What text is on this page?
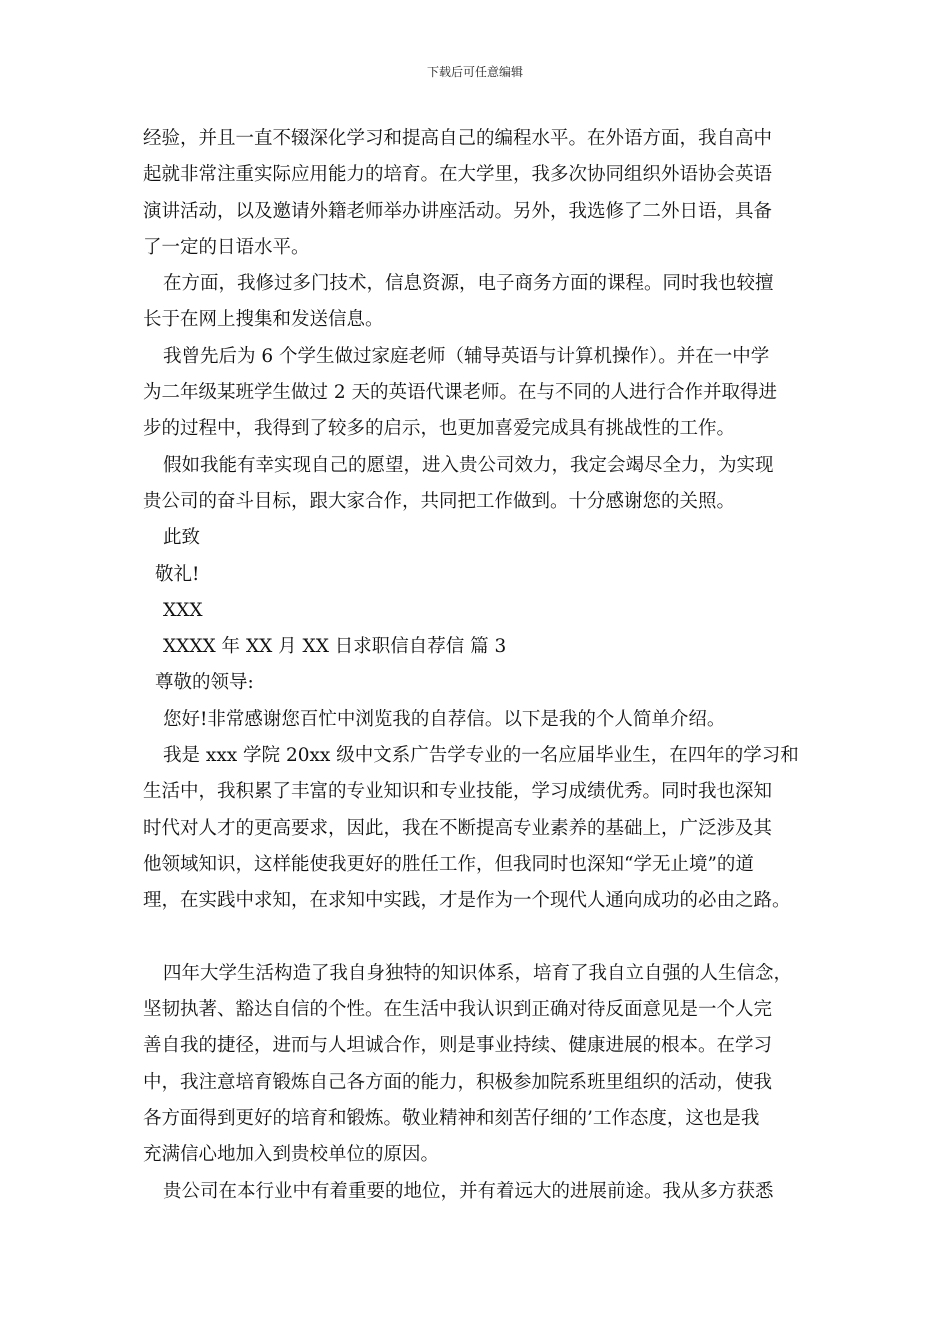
下载后可任意编辑
经验，并且一直不辍深化学习和提高自己的编程水平。在外语方面，我自高中
起就非常注重实际应用能力的培育。在大学里，我多次协同组织外语协会英语
演讲活动，以及邀请外籍老师举办讲座活动。另外，我选修了二外日语，具备
了一定的日语水平。
在方面，我修过多门技术，信息资源，电子商务方面的课程。同时我也较擅
长于在网上搜集和发送信息。
我曾先后为 6 个学生做过家庭老师（辅导英语与计算机操作）。并在一中学
为二年级某班学生做过 2 天的英语代课老师。在与不同的人进行合作并取得进
步的过程中，我得到了较多的启示，也更加喜爱完成具有挑战性的工作。
假如我能有幸实现自己的愿望，进入贵公司效力，我定会竭尽全力，为实现
贵公司的奋斗目标，跟大家合作，共同把工作做到。十分感谢您的关照。
此致
敬礼!
XXX
XXXX 年 XX 月 XX 日求职信自荐信 篇 3
尊敬的领导:
您好!非常感谢您百忙中浏览我的自荐信。以下是我的个人简单介绍。
我是 xxx 学院 20xx 级中文系广告学专业的一名应届毕业生，在四年的学习和
生活中，我积累了丰富的专业知识和专业技能，学习成绩优秀。同时我也深知
时代对人才的更高要求，因此，我在不断提高专业素养的基础上，广泛涉及其
他领域知识，这样能使我更好的胜任工作，但我同时也深知“学无止境”的道
理，在实践中求知，在求知中实践，才是作为一个现代人通向成功的必由之路。
四年大学生活构造了我自身独特的知识体系，培育了我自立自强的人生信念，
坚韧执著、豁达自信的个性。在生活中我认识到正确对待反面意见是一个人完
善自我的捷径，进而与人坦诚合作，则是事业持续、健康进展的根本。在学习
中，我注意培育锻炼自己各方面的能力，积极参加院系班里组织的活动，使我
各方面得到更好的培育和锻炼。敬业精神和刻苦仔细的’工作态度，这也是我
充满信心地加入到贵校单位的原因。
贵公司在本行业中有着重要的地位，并有着远大的进展前途。我从多方获悉
